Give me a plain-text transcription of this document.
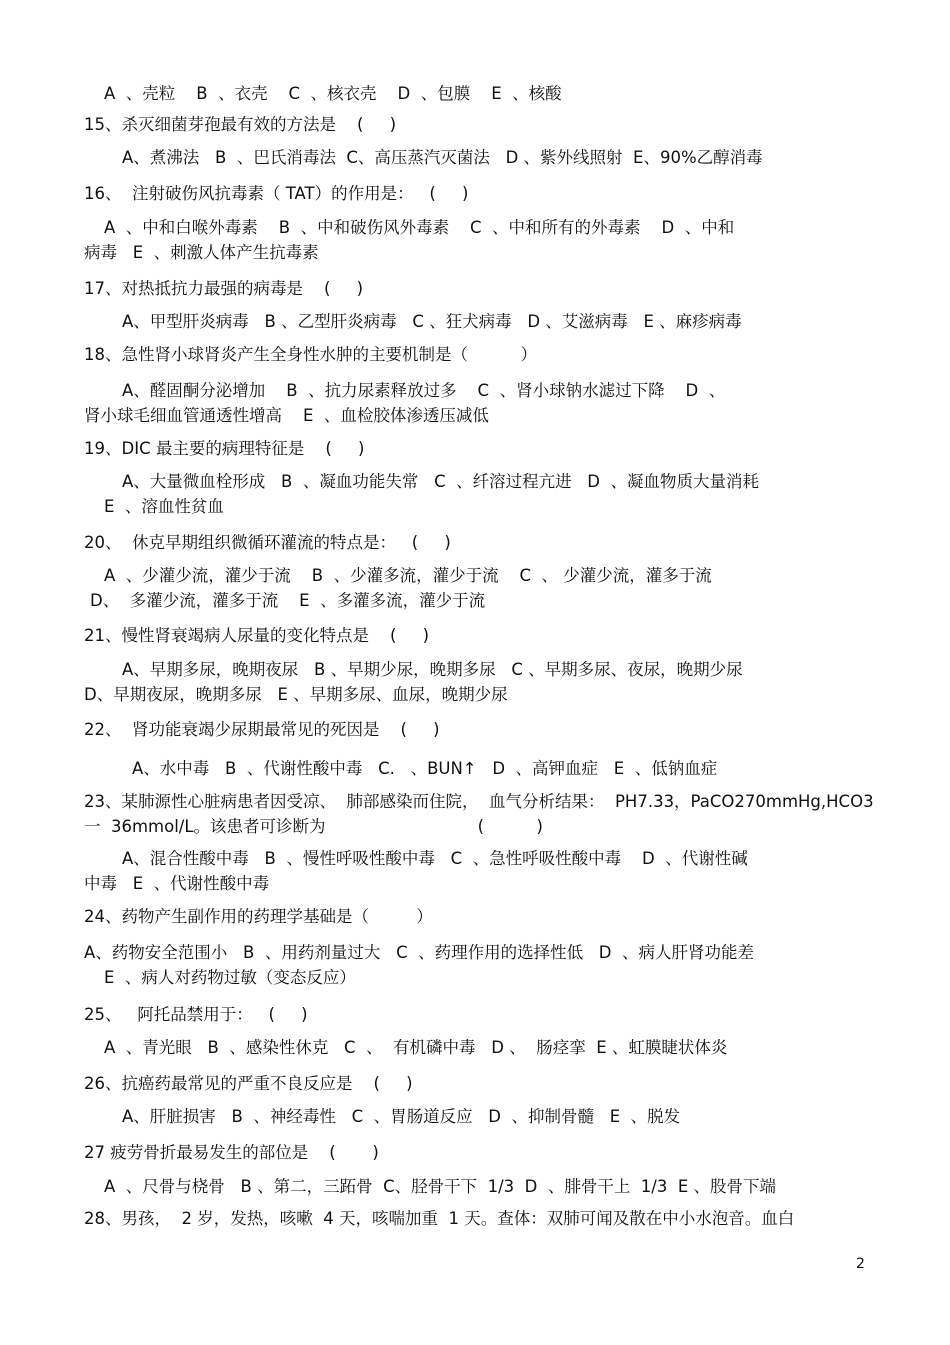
A  、壳粒    B  、衣壳    C  、核衣壳    D  、包膜    E  、核酸
15、杀灭细菌芽孢最有效的方法是    (     )
A、煮沸法   B  、巴氏消毒法  C、高压蒸汽灭菌法   D 、紫外线照射  E、90%乙醇消毒
16、  注射破伤风抗毒素（ TAT）的作用是：   (     )
A  、中和白喉外毒素    B  、中和破伤风外毒素    C  、中和所有的外毒素    D  、中和
病毒   E  、刺激人体产生抗毒素
17、对热抵抗力最强的病毒是    (     )
A、甲型肝炎病毒   B 、乙型肝炎病毒   C 、狂犬病毒   D 、艾滋病毒   E 、麻疹病毒
18、急性肾小球肾炎产生全身性水肿的主要机制是（          ）
A、醛固酮分泌增加    B  、抗力尿素释放过多    C  、肾小球钠水滤过下降    D  、
肾小球毛细血管通透性增高    E  、血检胶体渗透压减低
19、DIC 最主要的病理特征是    (     )
A、大量微血栓形成   B  、凝血功能失常   C  、纤溶过程亢进   D  、凝血物质大量消耗
E  、溶血性贫血
20、  休克早期组织微循环灌流的特点是：   (     )
A  、少灌少流，灌少于流    B  、少灌多流，灌少于流    C  、 少灌少流，灌多于流
D、  多灌少流，灌多于流    E  、多灌多流，灌少于流
21、慢性肾衰竭病人尿量的变化特点是    (     )
A、早期多尿，晚期夜尿   B 、早期少尿，晚期多尿   C 、早期多尿、夜尿，晚期少尿
D、早期夜尿，晚期多尿   E 、早期多尿、血尿，晚期少尿
22、  肾功能衰竭少尿期最常见的死因是    (     )
A、水中毒   B  、代谢性酸中毒   C.   、BUN↑   D  、高钾血症   E  、低钠血症
23、某肺源性心脏病患者因受凉、  肺部感染而住院，  血气分析结果：  PH7.33，PaCO270mmHg,HCO3
一  36mmol/L。该患者可诊断为                             (          )
A、混合性酸中毒   B  、慢性呼吸性酸中毒   C  、急性呼吸性酸中毒    D  、代谢性碱
中毒   E  、代谢性酸中毒
24、药物产生副作用的药理学基础是（         ）
A、药物安全范围小   B  、用药剂量过大   C  、药理作用的选择性低   D  、病人肝肾功能差
E  、病人对药物过敏（变态反应）
25、   阿托品禁用于：   (     )
A  、青光眼   B  、感染性休克   C  、  有机磷中毒   D 、  肠痉挛  E 、虹膜睫状体炎
26、抗癌药最常见的严重不良反应是    (     )
A、肝脏损害   B  、神经毒性   C  、胃肠道反应   D  、抑制骨髓   E  、脱发
27 疲劳骨折最易发生的部位是    (       )
A  、尺骨与桡骨   B 、第二，三跖骨  C、胫骨干下  1/3  D  、腓骨干上  1/3  E 、股骨下端
28、男孩，  2 岁，发热，咳嗽  4 天，咳喘加重  1 天。查体：双肺可闻及散在中小水泡音。血白
2
